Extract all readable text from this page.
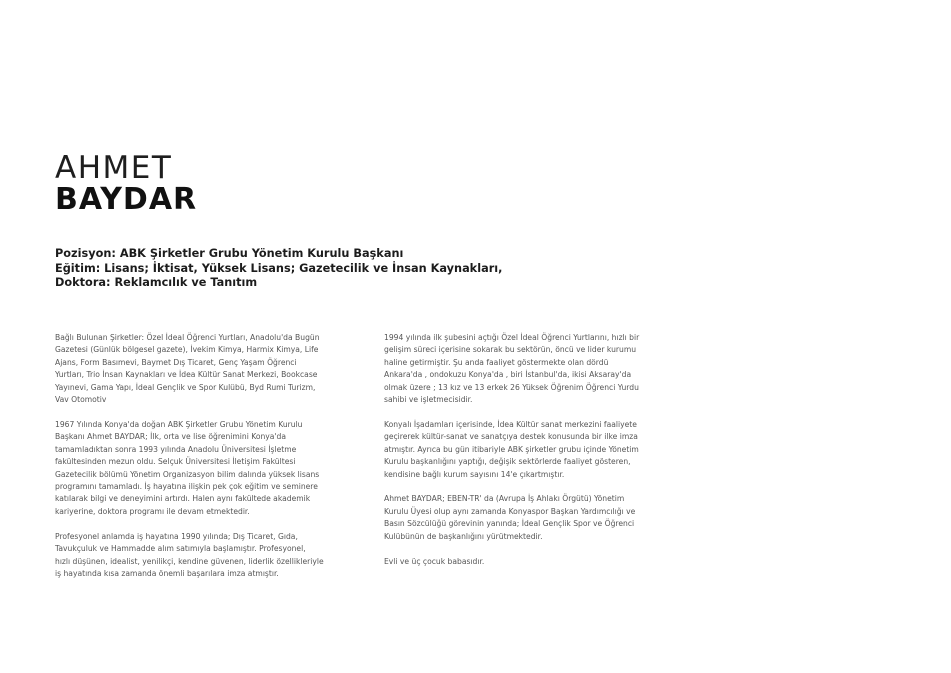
AHMET
BAYDAR
Pozisyon: ABK Şirketler Grubu Yönetim Kurulu Başkanı
Eğitim: Lisans; İktisat, Yüksek Lisans; Gazetecilik ve İnsan Kaynakları,
Doktora: Reklamcılık ve Tanıtım

Bağlı Bulunan Şirketler: Özel İdeal Öğrenci Yurtları, Anadolu'da Bugün
Gazetesi (Günlük bölgesel gazete), İvekim Kimya, Harmix Kimya, Life
Ajans, Form Basımevi, Baymet Dış Ticaret, Genç Yaşam Öğrenci
Yurtları, Trio İnsan Kaynakları ve İdea Kültür Sanat Merkezi, Bookcase
Yayınevi, Gama Yapı, İdeal Gençlik ve Spor Kulübü, Byd Rumi Turizm,
Vav Otomotiv

1967 Yılında Konya'da doğan ABK Şirketler Grubu Yönetim Kurulu
Başkanı Ahmet BAYDAR; İlk, orta ve lise öğrenimini Konya'da
tamamladıktan sonra 1993 yılında Anadolu Üniversitesi İşletme
fakültesinden mezun oldu. Selçuk Üniversitesi İletişim Fakültesi
Gazetecilik bölümü Yönetim Organizasyon bilim dalında yüksek lisans
programını tamamladı. İş hayatına ilişkin pek çok eğitim ve seminere
katılarak bilgi ve deneyimini artırdı. Halen aynı fakültede akademik
kariyerine, doktora programı ile devam etmektedir.

Profesyonel anlamda iş hayatına 1990 yılında; Dış Ticaret, Gıda,
Tavukçuluk ve Hammadde alım satımıyla başlamıştır. Profesyonel,
hızlı düşünen, idealist, yenilikçi, kendine güvenen, liderlik özellikleriyle
iş hayatında kısa zamanda önemli başarılara imza atmıştır.

1994 yılında ilk şubesini açtığı Özel İdeal Öğrenci Yurtlarını, hızlı bir
gelişim süreci içerisine sokarak bu sektörün, öncü ve lider kurumu
haline getirmiştir. Şu anda faaliyet göstermekte olan dördü
Ankara'da , ondokuzu Konya'da , biri İstanbul'da, ikisi Aksaray'da
olmak üzere ; 13 kız ve 13 erkek 26 Yüksek Öğrenim Öğrenci Yurdu
sahibi ve işletmecisidir.

Konyalı İşadamları içerisinde, İdea Kültür sanat merkezini faaliyete
geçirerek kültür-sanat ve sanatçıya destek konusunda bir ilke imza
atmıştır. Ayrıca bu gün itibariyle ABK şirketler grubu içinde Yönetim
Kurulu başkanlığını yaptığı, değişik sektörlerde faaliyet gösteren,
kendisine bağlı kurum sayısını 14'e çıkartmıştır.

Ahmet BAYDAR; EBEN-TR' da (Avrupa İş Ahlakı Örgütü) Yönetim
Kurulu Üyesi olup aynı zamanda Konyaspor Başkan Yardımcılığı ve
Basın Sözcülüğü görevinin yanında; İdeal Gençlik Spor ve Öğrenci
Kulübünün de başkanlığını yürütmektedir.

Evli ve üç çocuk babasıdır.
